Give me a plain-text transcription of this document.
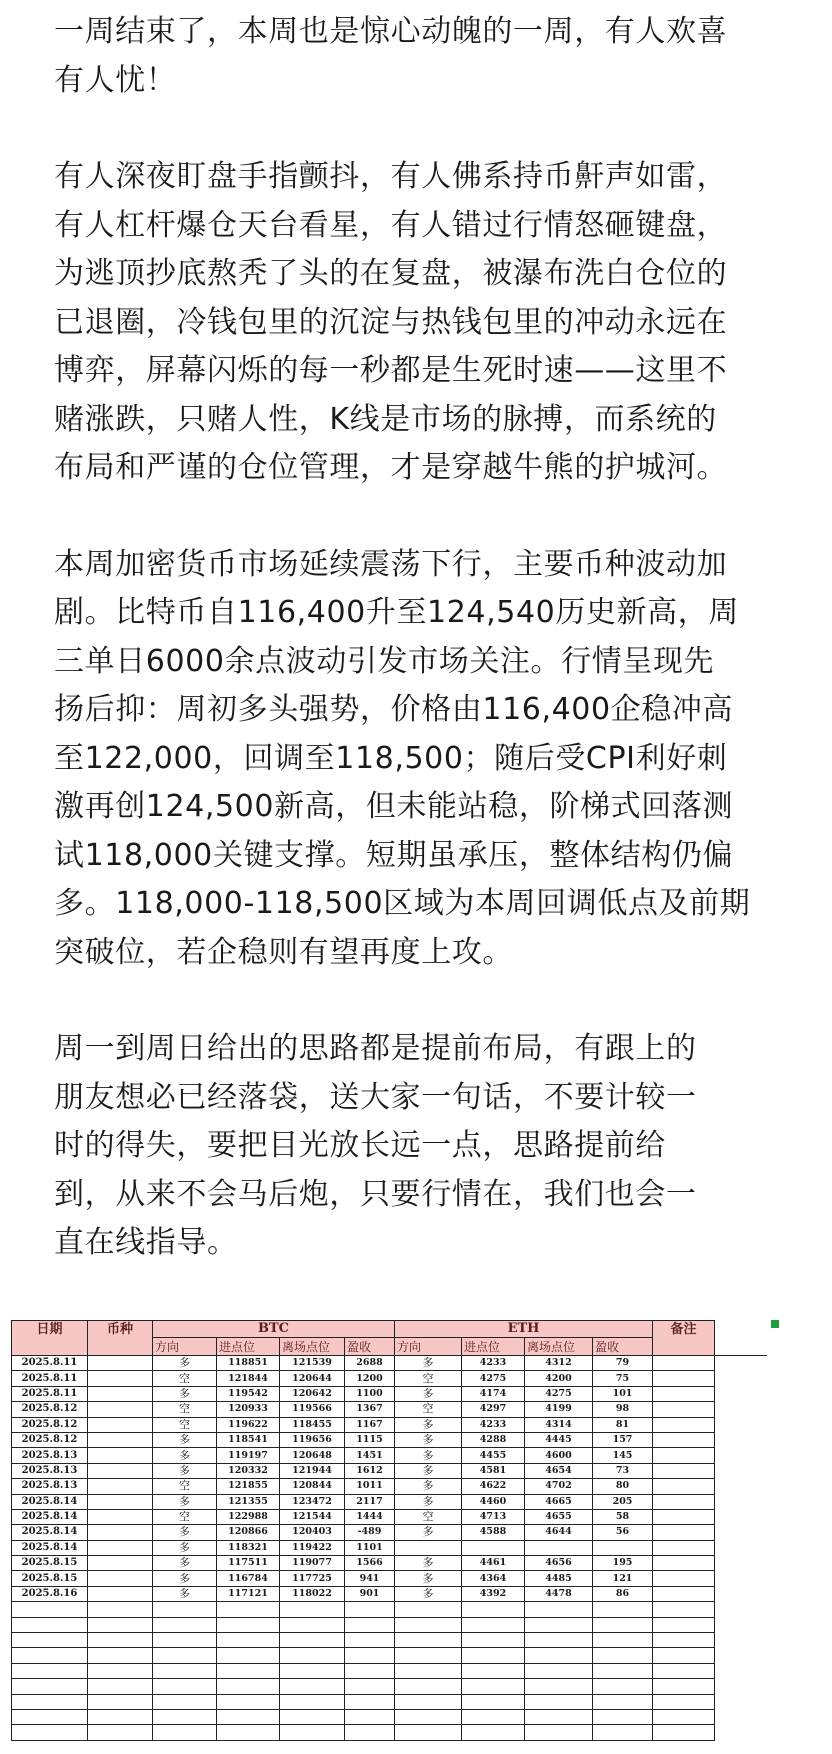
一周结束了，本周也是惊心动魄的一周，有人欢喜
有人忧！
有人深夜盯盘手指颤抖，有人佛系持币鼾声如雷，
有人杠杆爆仓天台看星，有人错过行情怒砸键盘，
为逃顶抄底熬秃了头的在复盘，被瀑布洗白仓位的
已退圈，冷钱包里的沉淀与热钱包里的冲动永远在
博弈，屏幕闪烁的每一秒都是生死时速——这里不
赌涨跌，只赌人性，K线是市场的脉搏，而系统的
布局和严谨的仓位管理，才是穿越牛熊的护城河。
本周加密货币市场延续震荡下行，主要币种波动加
剧。比特币自116,400升至124,540历史新高，周
三单日6000余点波动引发市场关注。行情呈现先
扬后抑：周初多头强势，价格由116,400企稳冲高
至122,000，回调至118,500；随后受CPI利好刺
激再创124,500新高，但未能站稳，阶梯式回落测
试118,000关键支撑。短期虽承压，整体结构仍偏
多。118,000-118,500区域为本周回调低点及前期
突破位，若企稳则有望再度上攻。
周一到周日给出的思路都是提前布局，有跟上的
朋友想必已经落袋，送大家一句话，不要计较一
时的得失，要把目光放长远一点，思路提前给
到，从来不会马后炮，只要行情在，我们也会一
直在线指导。
日期	币种	BTC				ETH				备注	
		方向	进点位	离场点位	盈收	方向	进点位	离场点位	盈收		
2025.8.11		多	118851	121539	2688	多	4233	4312	79		
2025.8.11		空	121844	120644	1200	空	4275	4200	75		
2025.8.11		多	119542	120642	1100	多	4174	4275	101		
2025.8.12		空	120933	119566	1367	空	4297	4199	98		
2025.8.12		空	119622	118455	1167	多	4233	4314	81		
2025.8.12		多	118541	119656	1115	多	4288	4445	157		
2025.8.13		多	119197	120648	1451	多	4455	4600	145		
2025.8.13		多	120332	121944	1612	多	4581	4654	73		
2025.8.13		空	121855	120844	1011	多	4622	4702	80		
2025.8.14		多	121355	123472	2117	多	4460	4665	205		
2025.8.14		空	122988	121544	1444	空	4713	4655	58		
2025.8.14		多	120866	120403	-489	多	4588	4644	56		
2025.8.14		多	118321	119422	1101						
2025.8.15		多	117511	119077	1566	多	4461	4656	195		
2025.8.15		多	116784	117725	941	多	4364	4485	121		
2025.8.16		多	117121	118022	901	多	4392	4478	86		
